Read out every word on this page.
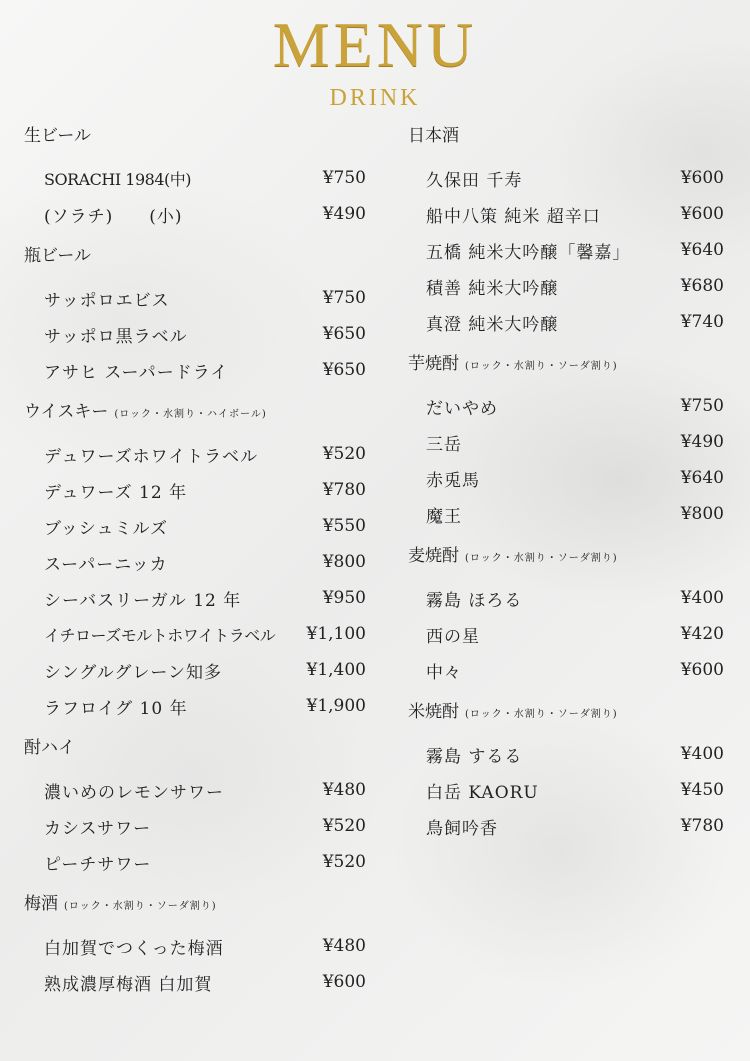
MENU
DRINK
生ビール
SORACHI 1984(中)	¥750
(ソラチ)　　(小)	¥490
瓶ビール
サッポロエビス	¥750
サッポロ黒ラベル	¥650
アサヒ スーパードライ	¥650
ウイスキー (ロック・水割り・ハイボール)
デュワーズホワイトラベル	¥520
デュワーズ 12 年	¥780
ブッシュミルズ	¥550
スーパーニッカ	¥800
シーバスリーガル 12 年	¥950
イチローズモルトホワイトラベル ¥1,100
シングルグレーン知多	¥1,400
ラフロイグ 10 年	¥1,900
酎ハイ
濃いめのレモンサワー	¥480
カシスサワー	¥520
ピーチサワー	¥520
梅酒 (ロック・水割り・ソーダ割り)
白加賀でつくった梅酒	¥480
熟成濃厚梅酒 白加賀	¥600
日本酒
久保田 千寿	¥600
船中八策 純米 超辛口	¥600
五橋 純米大吟醸「馨嘉」	¥640
積善 純米大吟醸	¥680
真澄 純米大吟醸	¥740
芋焼酎 (ロック・水割り・ソーダ割り)
だいやめ	¥750
三岳	¥490
赤兎馬	¥640
魔王	¥800
麦焼酎 (ロック・水割り・ソーダ割り)
霧島 ほろる	¥400
西の星	¥420
中々	¥600
米焼酎 (ロック・水割り・ソーダ割り)
霧島 するる	¥400
白岳 KAORU	¥450
鳥飼吟香	¥780
